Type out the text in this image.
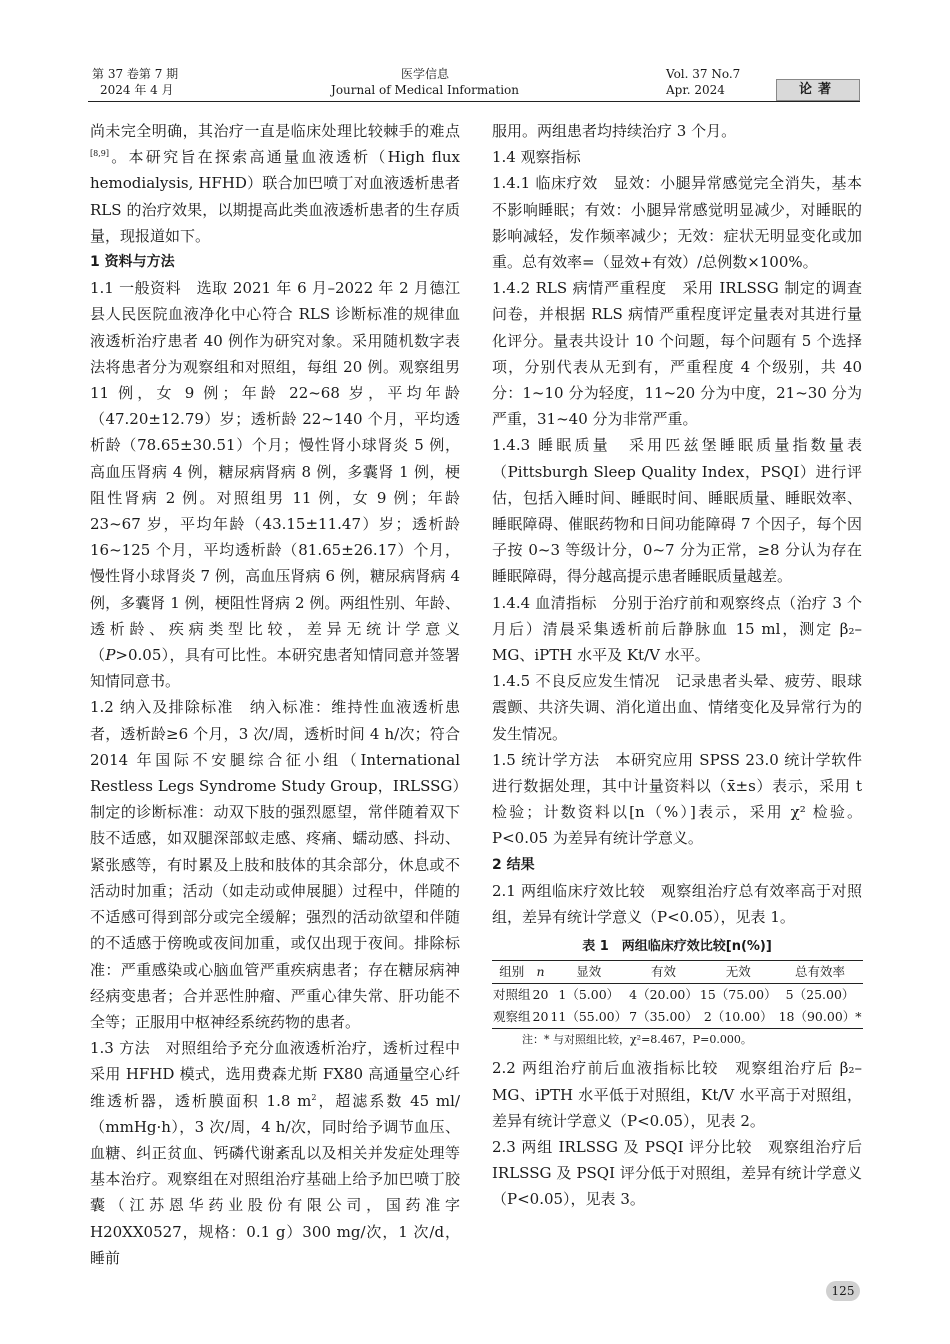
第 37 卷第 7 期
2024 年 4 月
医学信息
Journal of Medical Information
Vol. 37 No.7
Apr. 2024	论著

尚未完全明确，其治疗一直是临床处理比较棘手的难点[8,9]。本研究旨在探索高通量血液透析（High flux hemodialysis, HFHD）联合加巴喷丁对血液透析患者 RLS 的治疗效果，以期提高此类血液透析患者的生存质量，现报道如下。

1 资料与方法

1.1 一般资料　选取 2021 年 6 月–2022 年 2 月德江县人民医院血液净化中心符合 RLS 诊断标准的规律血液透析治疗患者 40 例作为研究对象。采用随机数字表法将患者分为观察组和对照组，每组 20 例。观察组男 11 例，女 9 例；年龄 22~68 岁，平均年龄（47.20±12.79）岁；透析龄 22~140 个月，平均透析龄（78.65±30.51）个月；慢性肾小球肾炎 5 例，高血压肾病 4 例，糖尿病肾病 8 例，多囊肾 1 例，梗阻性肾病 2 例。对照组男 11 例，女 9 例；年龄 23~67 岁，平均年龄（43.15±11.47）岁；透析龄 16~125 个月，平均透析龄（81.65±26.17）个月，慢性肾小球肾炎 7 例，高血压肾病 6 例，糖尿病肾病 4 例，多囊肾 1 例，梗阻性肾病 2 例。两组性别、年龄、透析龄、疾病类型比较，差异无统计学意义（P>0.05），具有可比性。本研究患者知情同意并签署知情同意书。

1.2 纳入及排除标准　纳入标准：维持性血液透析患者，透析龄≥6 个月，3 次/周，透析时间 4 h/次；符合 2014 年国际不安腿综合征小组（International Restless Legs Syndrome Study Group，IRLSSG）制定的诊断标准：动双下肢的强烈愿望，常伴随着双下肢不适感，如双腿深部蚁走感、疼痛、蠕动感、抖动、紧张感等，有时累及上肢和肢体的其余部分，休息或不活动时加重；活动（如走动或伸展腿）过程中，伴随的不适感可得到部分或完全缓解；强烈的活动欲望和伴随的不适感于傍晚或夜间加重，或仅出现于夜间。排除标准：严重感染或心脑血管严重疾病患者；存在糖尿病神经病变患者；合并恶性肿瘤、严重心律失常、肝功能不全等；正服用中枢神经系统药物的患者。

1.3 方法　对照组给予充分血液透析治疗，透析过程中采用 HFHD 模式，选用费森尤斯 FX80 高通量空心纤维透析器，透析膜面积 1.8 $m^2$，超滤系数 45 ml/（mmHg·h），3 次/周，4 h/次，同时给予调节血压、血糖、纠正贫血、钙磷代谢紊乱以及相关并发症处理等基本治疗。观察组在对照组治疗基础上给予加巴喷丁胶囊（江苏恩华药业股份有限公司，国药准字 H20XX0527，规格：0.1 g）300 mg/次，1 次/d，睡前

服用。两组患者均持续治疗 3 个月。

1.4 观察指标

1.4.1 临床疗效　显效：小腿异常感觉完全消失，基本不影响睡眠；有效：小腿异常感觉明显减少，对睡眠的影响减轻，发作频率减少；无效：症状无明显变化或加重。总有效率=（显效+有效）/总例数×100%。

1.4.2 RLS 病情严重程度　采用 IRLSSG 制定的调查问卷，并根据 RLS 病情严重程度评定量表对其进行量化评分。量表共设计 10 个问题，每个问题有 5 个选择项，分别代表从无到有，严重程度 4 个级别，共 40 分：1~10 分为轻度，11~20 分为中度，21~30 分为严重，31~40 分为非常严重。

1.4.3 睡眠质量　采用匹兹堡睡眠质量指数量表（Pittsburgh Sleep Quality Index，PSQI）进行评估，包括入睡时间、睡眠时间、睡眠质量、睡眠效率、睡眠障碍、催眠药物和日间功能障碍 7 个因子，每个因子按 0~3 等级计分，0~7 分为正常，≥8 分认为存在睡眠障碍，得分越高提示患者睡眠质量越差。

1.4.4 血清指标　分别于治疗前和观察终点（治疗 3 个月后）清晨采集透析前后静脉血 15 ml，测定 β₂–MG、iPTH 水平及 Kt/V 水平。

1.4.5 不良反应发生情况　记录患者头晕、疲劳、眼球震颤、共济失调、消化道出血、情绪变化及异常行为的发生情况。

1.5 统计学方法　本研究应用 SPSS 23.0 统计学软件进行数据处理，其中计量资料以（x̄±s）表示，采用 t 检验；计数资料以[n（%）]表示，采用 χ² 检验。P<0.05 为差异有统计学意义。

2 结果

2.1 两组临床疗效比较　观察组治疗总有效率高于对照组，差异有统计学意义（P<0.05），见表 1。

表 1　两组临床疗效比较[n(%)]
组别	n	显效	有效	无效	总有效率
对照组	20	1（5.00）	4（20.00）	15（75.00）	5（25.00）
观察组	20	11（55.00）	7（35.00）	2（10.00）	18（90.00）*
注：* 与对照组比较，χ²=8.467，P=0.000。

2.2 两组治疗前后血液指标比较　观察组治疗后 β₂–MG、iPTH 水平低于对照组，Kt/V 水平高于对照组，差异有统计学意义（P<0.05），见表 2。

2.3 两组 IRLSSG 及 PSQI 评分比较　观察组治疗后 IRLSSG 及 PSQI 评分低于对照组，差异有统计学意义（P<0.05），见表 3。

125
